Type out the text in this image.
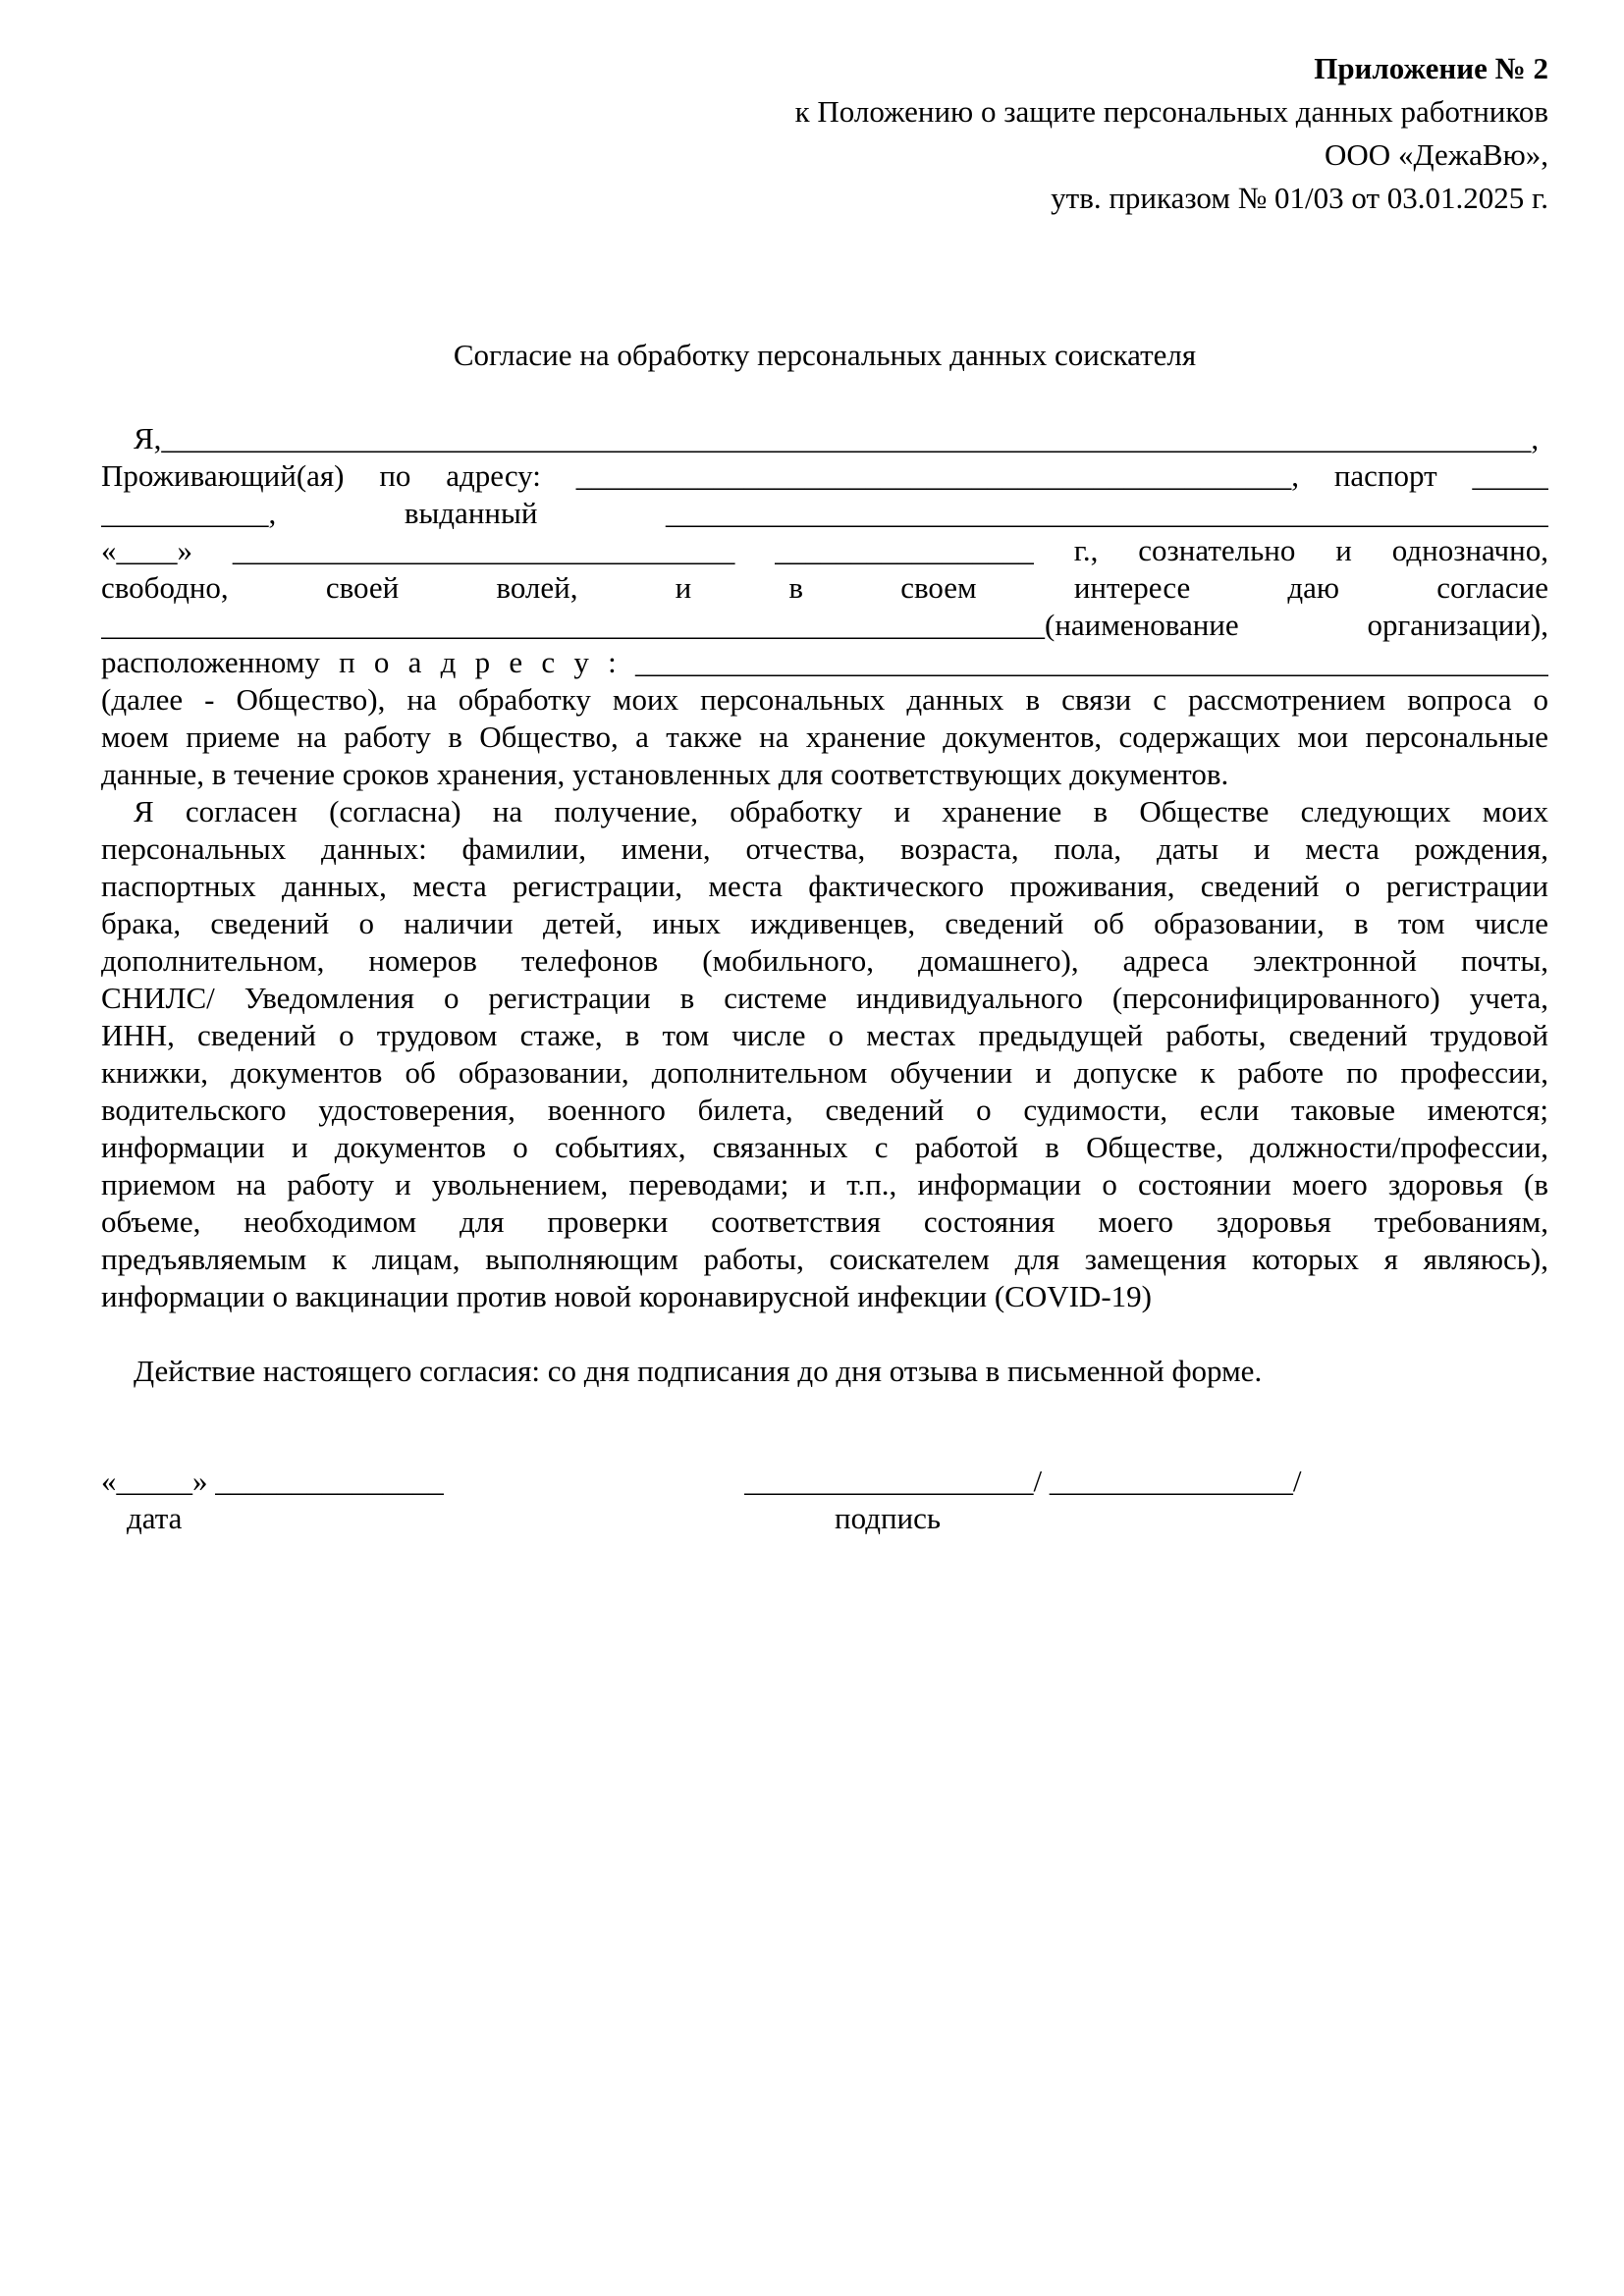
Приложение № 2
к Положению о защите персональных данных работников
ООО «ДежаВю»,
утв. приказом № 01/03 от 03.01.2025 г.
Согласие на обработку персональных данных соискателя
Я,__________________________________________________________________________________________,
Проживающий(ая) по адресу: _______________________________________________, паспорт _____
___________, выданный __________________________________________________________
«____» _________________________________ _________________ г., сознательно и однозначно,
свободно, своей волей, и в своем интересе даю согласие
______________________________________________________________(наименование организации),
расположенному п о а д р е с у : ____________________________________________________________
(далее - Общество), на обработку моих персональных данных в связи с рассмотрением вопроса о
моем приеме на работу в Общество, а также на хранение документов, содержащих мои персональные
данные, в течение сроков хранения, установленных для соответствующих документов.
Я согласен (согласна) на получение, обработку и хранение в Обществе следующих моих
персональных данных: фамилии, имени, отчества, возраста, пола, даты и места рождения,
паспортных данных, места регистрации, места фактического проживания, сведений о регистрации
брака, сведений о наличии детей, иных иждивенцев, сведений об образовании, в том числе
дополнительном, номеров телефонов (мобильного, домашнего), адреса электронной почты,
СНИЛС/ Уведомления о регистрации в системе индивидуального (персонифицированного) учета,
ИНН, сведений о трудовом стаже, в том числе о местах предыдущей работы, сведений трудовой
книжки, документов об образовании, дополнительном обучении и допуске к работе по профессии,
водительского удостоверения, военного билета, сведений о судимости, если таковые имеются;
информации и документов о событиях, связанных с работой в Обществе, должности/профессии,
приемом на работу и увольнением, переводами; и т.п., информации о состоянии моего здоровья (в
объеме, необходимом для проверки соответствия состояния моего здоровья требованиям,
предъявляемым к лицам, выполняющим работы, соискателем для замещения которых я являюсь),
информации о вакцинации против новой коронавирусной инфекции (COVID-19)
Действие настоящего согласия: со дня подписания до дня отзыва в письменной форме.
«_____» _______________	___________________/ ________________/
дата	подпись
